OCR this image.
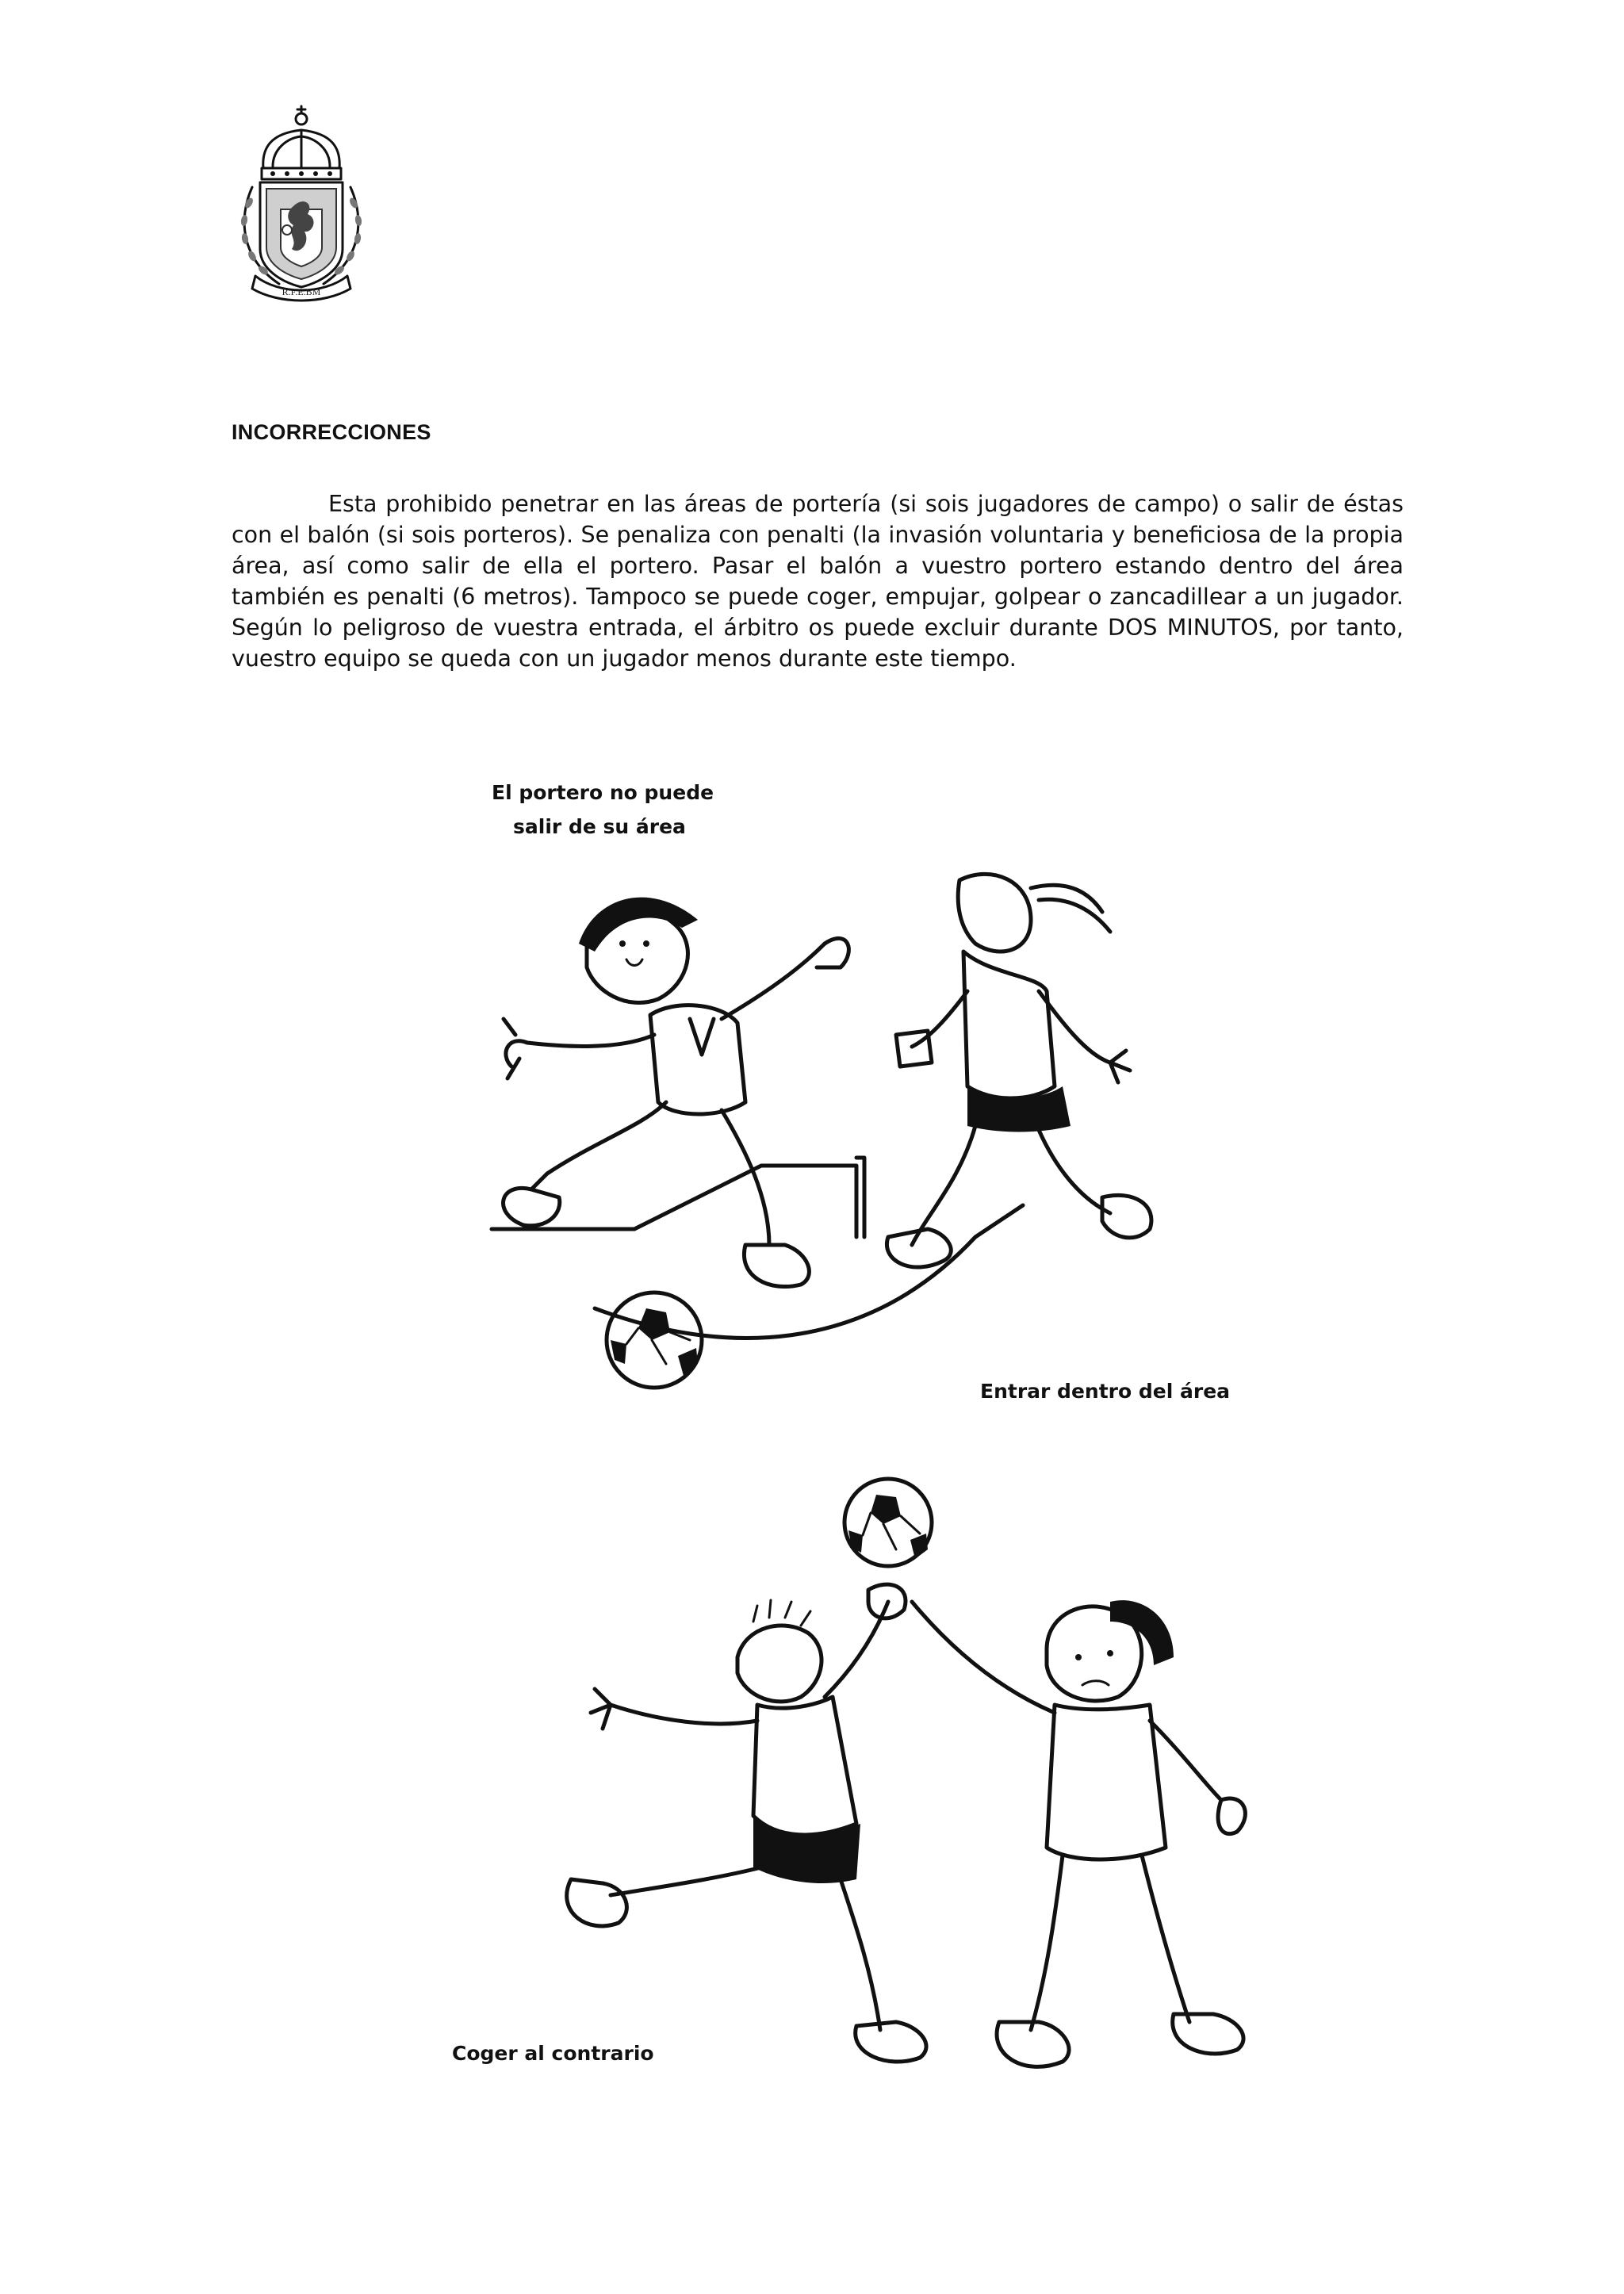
R.F.E.BM
INCORRECCIONES

Esta prohibido penetrar en las áreas de portería (si sois jugadores de campo) o salir de éstas con el balón (si sois porteros). Se penaliza con penalti (la invasión voluntaria y beneficiosa de la propia área, así como salir de ella el portero. Pasar el balón a vuestro portero estando dentro del área también es penalti (6 metros). Tampoco se puede coger, empujar, golpear o zancadillear a un jugador. Según lo peligroso de vuestra entrada, el árbitro os puede excluir durante DOS MINUTOS, por tanto, vuestro equipo se queda con un jugador menos durante este tiempo.

El portero no puede
salir de su área
Entrar dentro del área
Coger al contrario
